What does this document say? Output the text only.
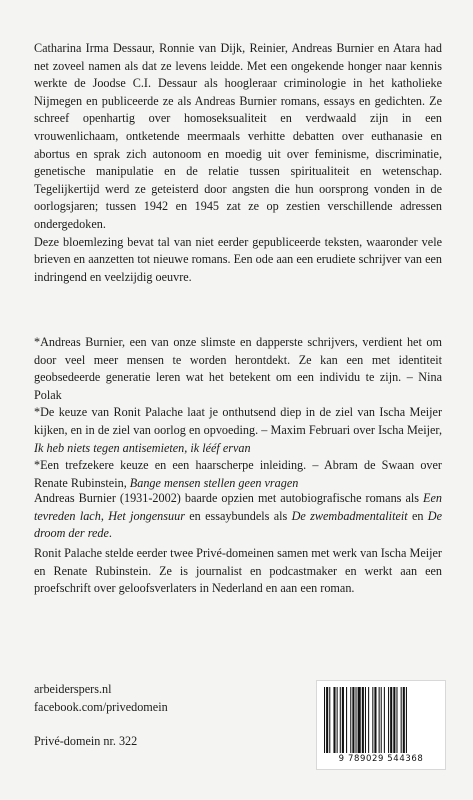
Catharina Irma Dessaur, Ronnie van Dijk, Reinier, Andreas Burnier en Atara had net zoveel namen als dat ze levens leidde. Met een ongekende honger naar kennis werkte de Joodse C.I. Dessaur als hoogleraar criminologie in het katholieke Nijmegen en publiceerde ze als Andreas Burnier romans, essays en gedichten. Ze schreef openhartig over homoseksualiteit en verdwaald zijn in een vrouwenlichaam, ontketende meermaals verhitte debatten over euthanasie en abortus en sprak zich autonoom en moedig uit over feminisme, discriminatie, genetische manipulatie en de relatie tussen spiritualiteit en wetenschap. Tegelijkertijd werd ze geteisterd door angsten die hun oorsprong vonden in de oorlogsjaren; tussen 1942 en 1945 zat ze op zestien verschillende adressen ondergedoken.

Deze bloemlezing bevat tal van niet eerder gepubliceerde teksten, waaronder vele brieven en aanzetten tot nieuwe romans. Een ode aan een erudiete schrijver van een indringend en veelzijdig oeuvre.

*Andreas Burnier, een van onze slimste en dapperste schrijvers, verdient het om door veel meer mensen te worden herontdekt. Ze kan een met identiteit geobsedeerde generatie leren wat het betekent om een individu te zijn. – Nina Polak

*De keuze van Ronit Palache laat je onthutsend diep in de ziel van Ischa Meijer kijken, en in de ziel van oorlog en opvoeding. – Maxim Februari over Ischa Meijer, Ik heb niets tegen antisemieten, ik lééf ervan

*Een trefzekere keuze en een haarscherpe inleiding. – Abram de Swaan over Renate Rubinstein, Bange mensen stellen geen vragen

Andreas Burnier (1931-2002) baarde opzien met autobiografische romans als Een tevreden lach, Het jongensuur en essaybundels als De zwembadmentaliteit en De droom der rede.

Ronit Palache stelde eerder twee Privé-domeinen samen met werk van Ischa Meijer en Renate Rubinstein. Ze is journalist en podcastmaker en werkt aan een proefschrift over geloofsverlaters in Nederland en aan een roman.

arbeiderspers.nl
facebook.com/privedomein
Privé-domein nr. 322
9 789029 544368
